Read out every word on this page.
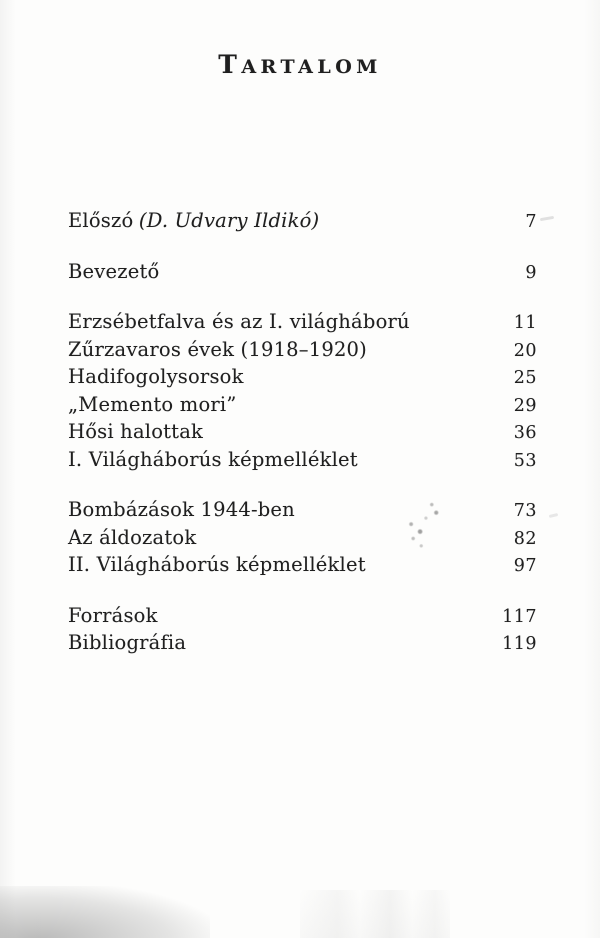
TARTALOM
Előszó (D. Udvary Ildikó)	7
Bevezető	9
Erzsébetfalva és az I. világháború	11
Zűrzavaros évek (1918–1920)	20
Hadifogolysorsok	25
„Memento mori”	29
Hősi halottak	36
I. Világháborús képmelléklet	53
Bombázások 1944-ben	73
Az áldozatok	82
II. Világháborús képmelléklet	97
Források	117
Bibliográfia	119
